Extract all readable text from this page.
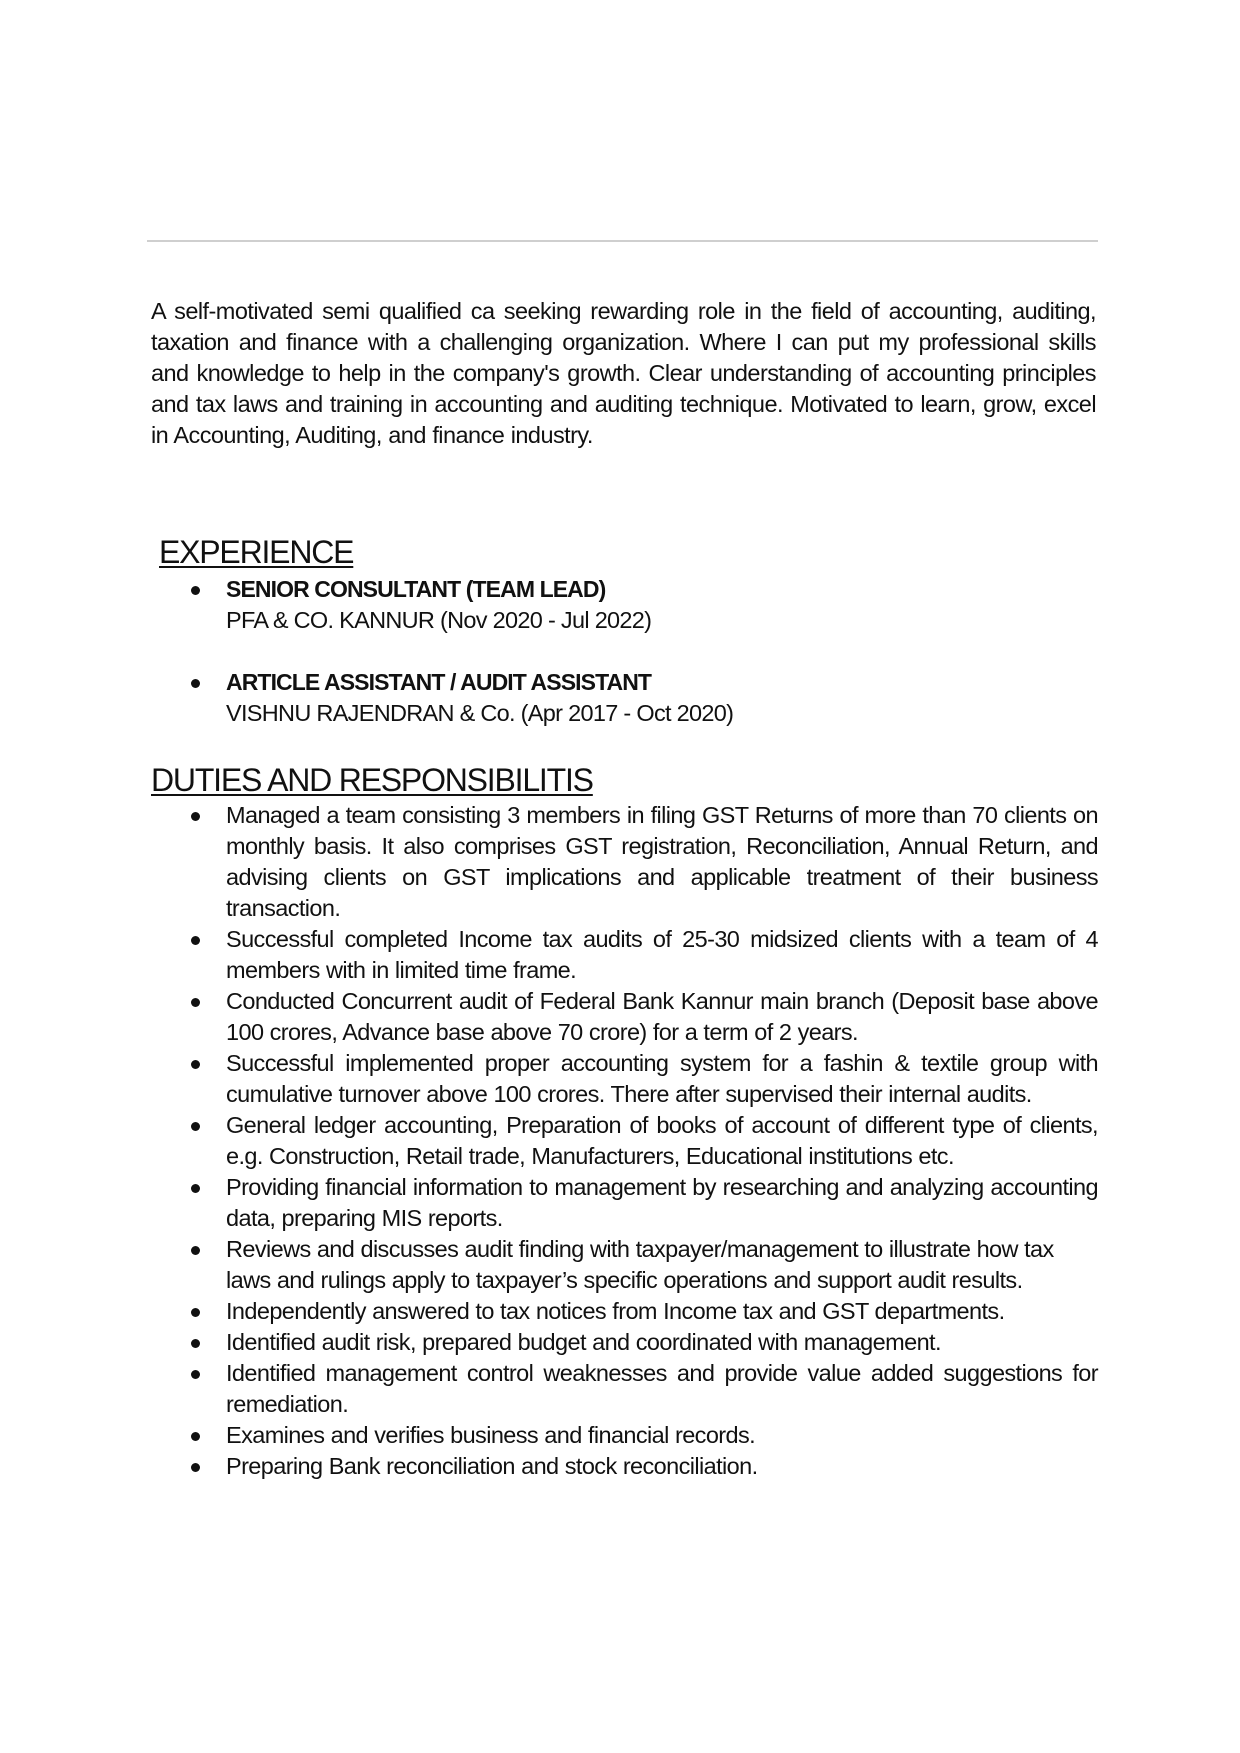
A self-motivated semi qualified ca seeking rewarding role in the field of accounting, auditing, taxation and finance with a challenging organization. Where I can put my professional skills and knowledge to help in the company's growth. Clear understanding of accounting principles and tax laws and training in accounting and auditing technique. Motivated to learn, grow, excel in Accounting, Auditing, and finance industry.

EXPERIENCE
SENIOR CONSULTANT (TEAM LEAD)
PFA & CO. KANNUR (Nov 2020 - Jul 2022)
ARTICLE ASSISTANT / AUDIT ASSISTANT
VISHNU RAJENDRAN & Co. (Apr 2017 - Oct 2020)
DUTIES AND RESPONSIBILITIS
Managed a team consisting 3 members in filing GST Returns of more than 70 clients on monthly basis. It also comprises GST registration, Reconciliation, Annual Return, and advising clients on GST implications and applicable treatment of their business transaction.
Successful completed Income tax audits of 25-30 midsized clients with a team of 4 members with in limited time frame.
Conducted Concurrent audit of Federal Bank Kannur main branch (Deposit base above 100 crores, Advance base above 70 crore) for a term of 2 years.
Successful implemented proper accounting system for a fashin & textile group with cumulative turnover above 100 crores. There after supervised their internal audits.
General ledger accounting, Preparation of books of account of different type of clients, e.g. Construction, Retail trade, Manufacturers, Educational institutions etc.
Providing financial information to management by researching and analyzing accounting data, preparing MIS reports.
Reviews and discusses audit finding with taxpayer/management to illustrate how tax laws and rulings apply to taxpayer’s specific operations and support audit results.
Independently answered to tax notices from Income tax and GST departments.
Identified audit risk, prepared budget and coordinated with management.
Identified management control weaknesses and provide value added suggestions for remediation.
Examines and verifies business and financial records.
Preparing Bank reconciliation and stock reconciliation.
